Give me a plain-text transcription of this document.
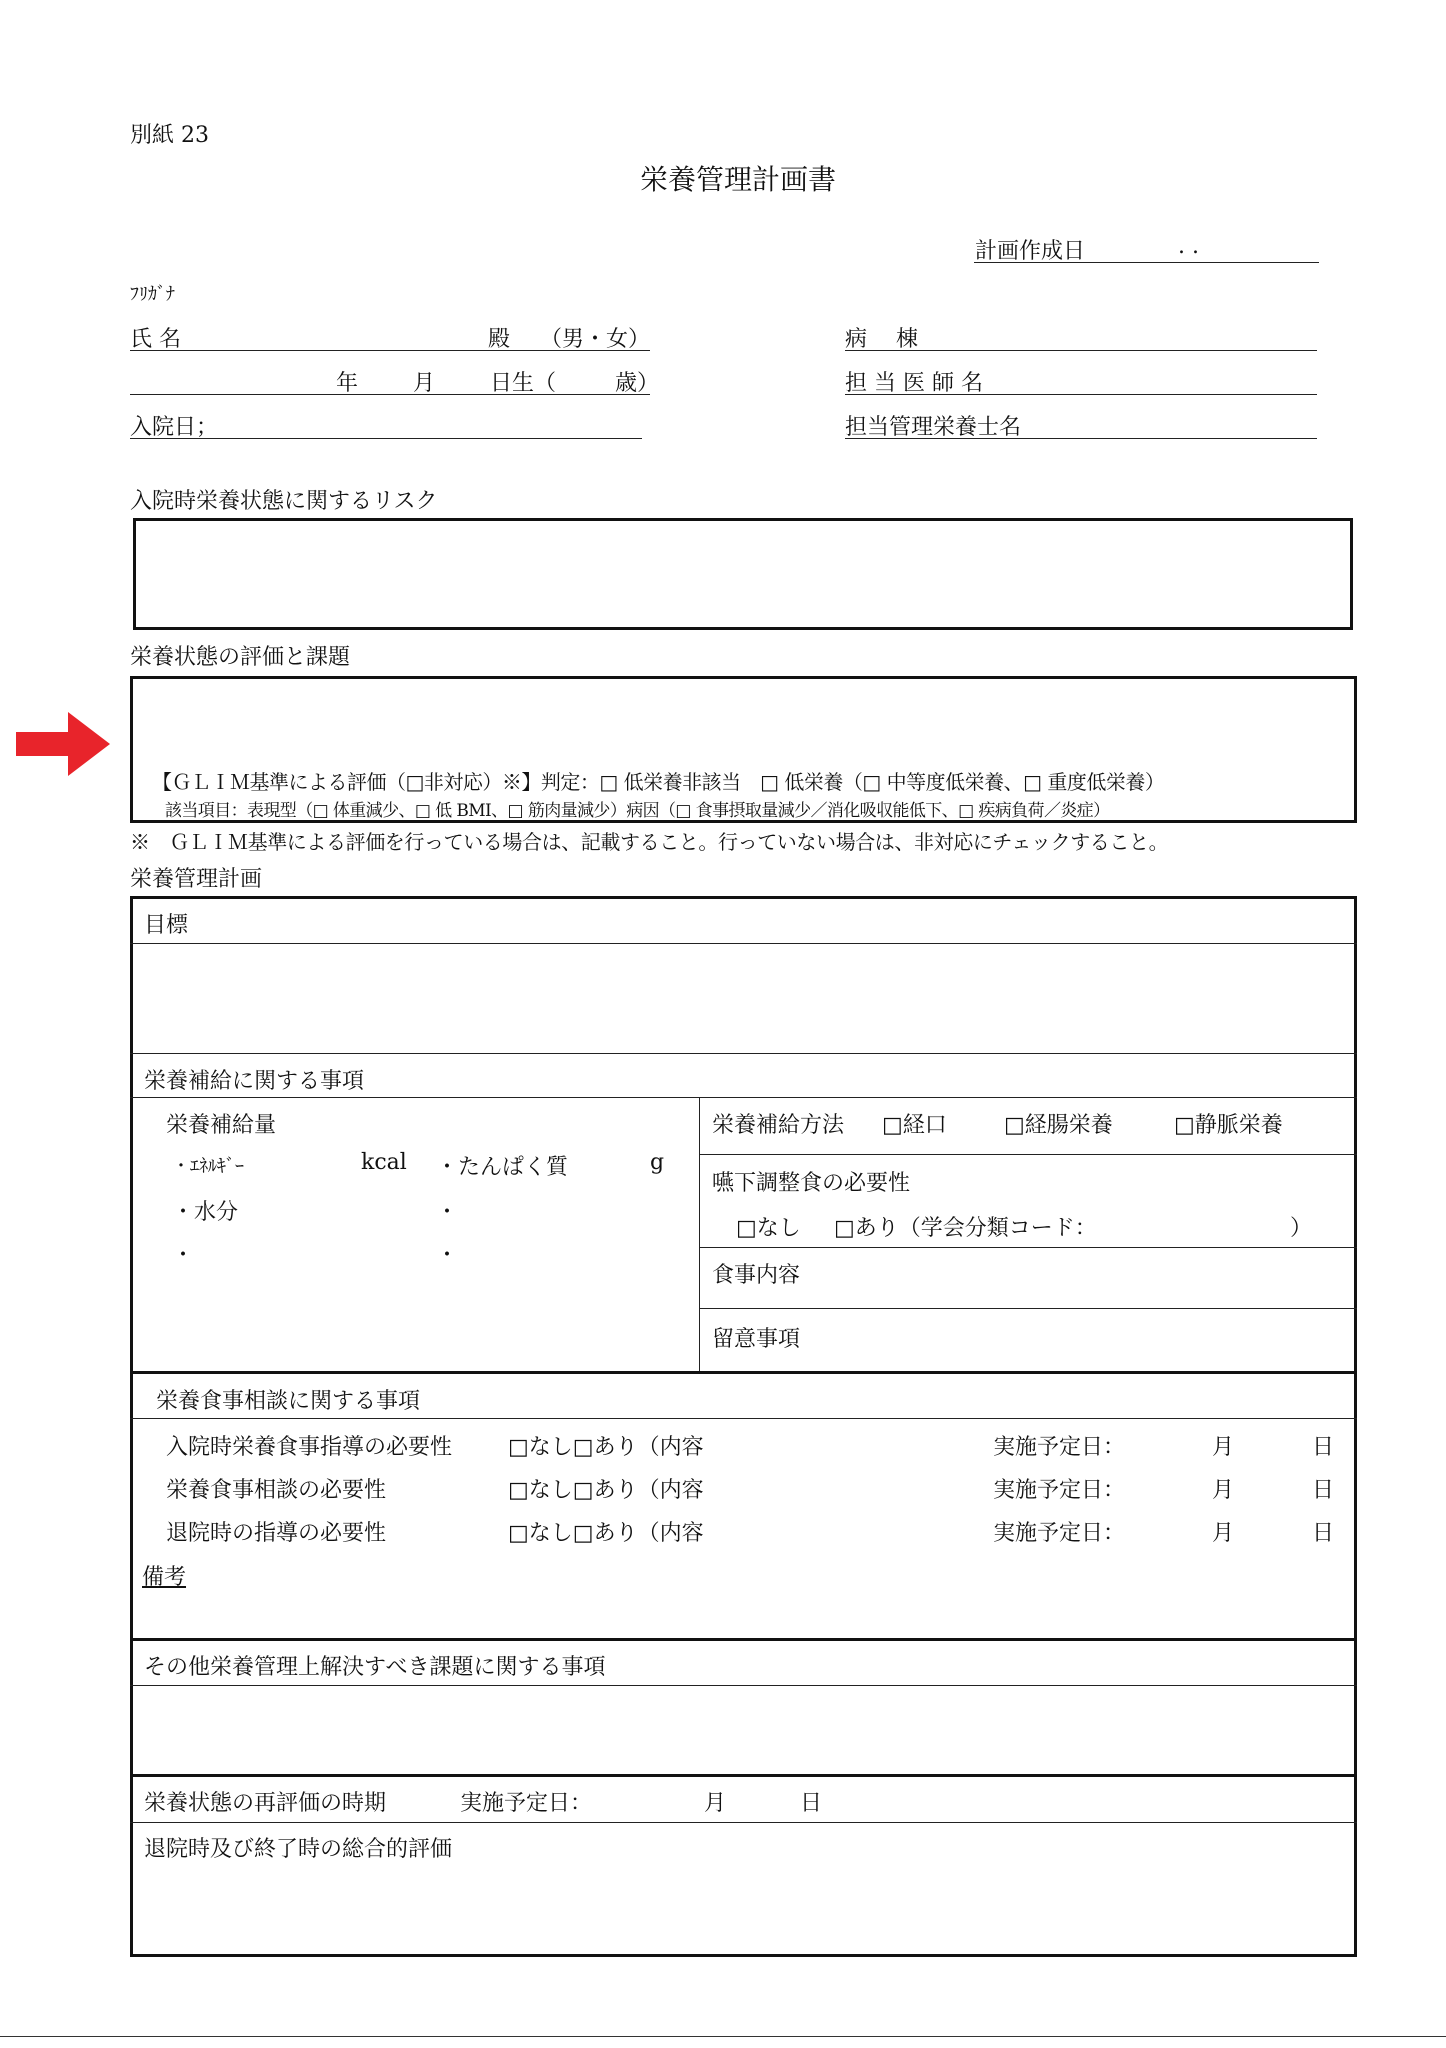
別紙 23
栄養管理計画書
計画作成日	. .
ﾌﾘｶﾞﾅ
氏 名	殿 （男・女）
年 月 日生（	歳）
入院日；
病　 棟
担 当 医 師 名
担当管理栄養士名
入院時栄養状態に関するリスク
栄養状態の評価と課題
【ＧＬＩＭ基準による評価（□非対応）※】判定：□ 低栄養非該当　□ 低栄養（□ 中等度低栄養、□ 重度低栄養）
該当項目：表現型（□ 体重減少、□ 低 BMI、□ 筋肉量減少）病因（□ 食事摂取量減少／消化吸収能低下、□ 疾病負荷／炎症）
※　ＧＬＩＭ基準による評価を行っている場合は、記載すること。行っていない場合は、非対応にチェックすること。
栄養管理計画
目標
栄養補給に関する事項
栄養補給量
・ｴﾈﾙｷﾞｰ	kcal ・たんぱく質	g
・水分	・
・	・
栄養補給方法 □経口	□経腸栄養	□静脈栄養
嚥下調整食の必要性
□なし □あり（学会分類コード：	）
食事内容
留意事項
栄養食事相談に関する事項
入院時栄養食事指導の必要性	□なし□あり（内容	実施予定日：	月	日
栄養食事相談の必要性	□なし□あり（内容	実施予定日：	月	日
退院時の指導の必要性	□なし□あり（内容	実施予定日：	月	日
備考
その他栄養管理上解決すべき課題に関する事項
栄養状態の再評価の時期	実施予定日：	月	日
退院時及び終了時の総合的評価
